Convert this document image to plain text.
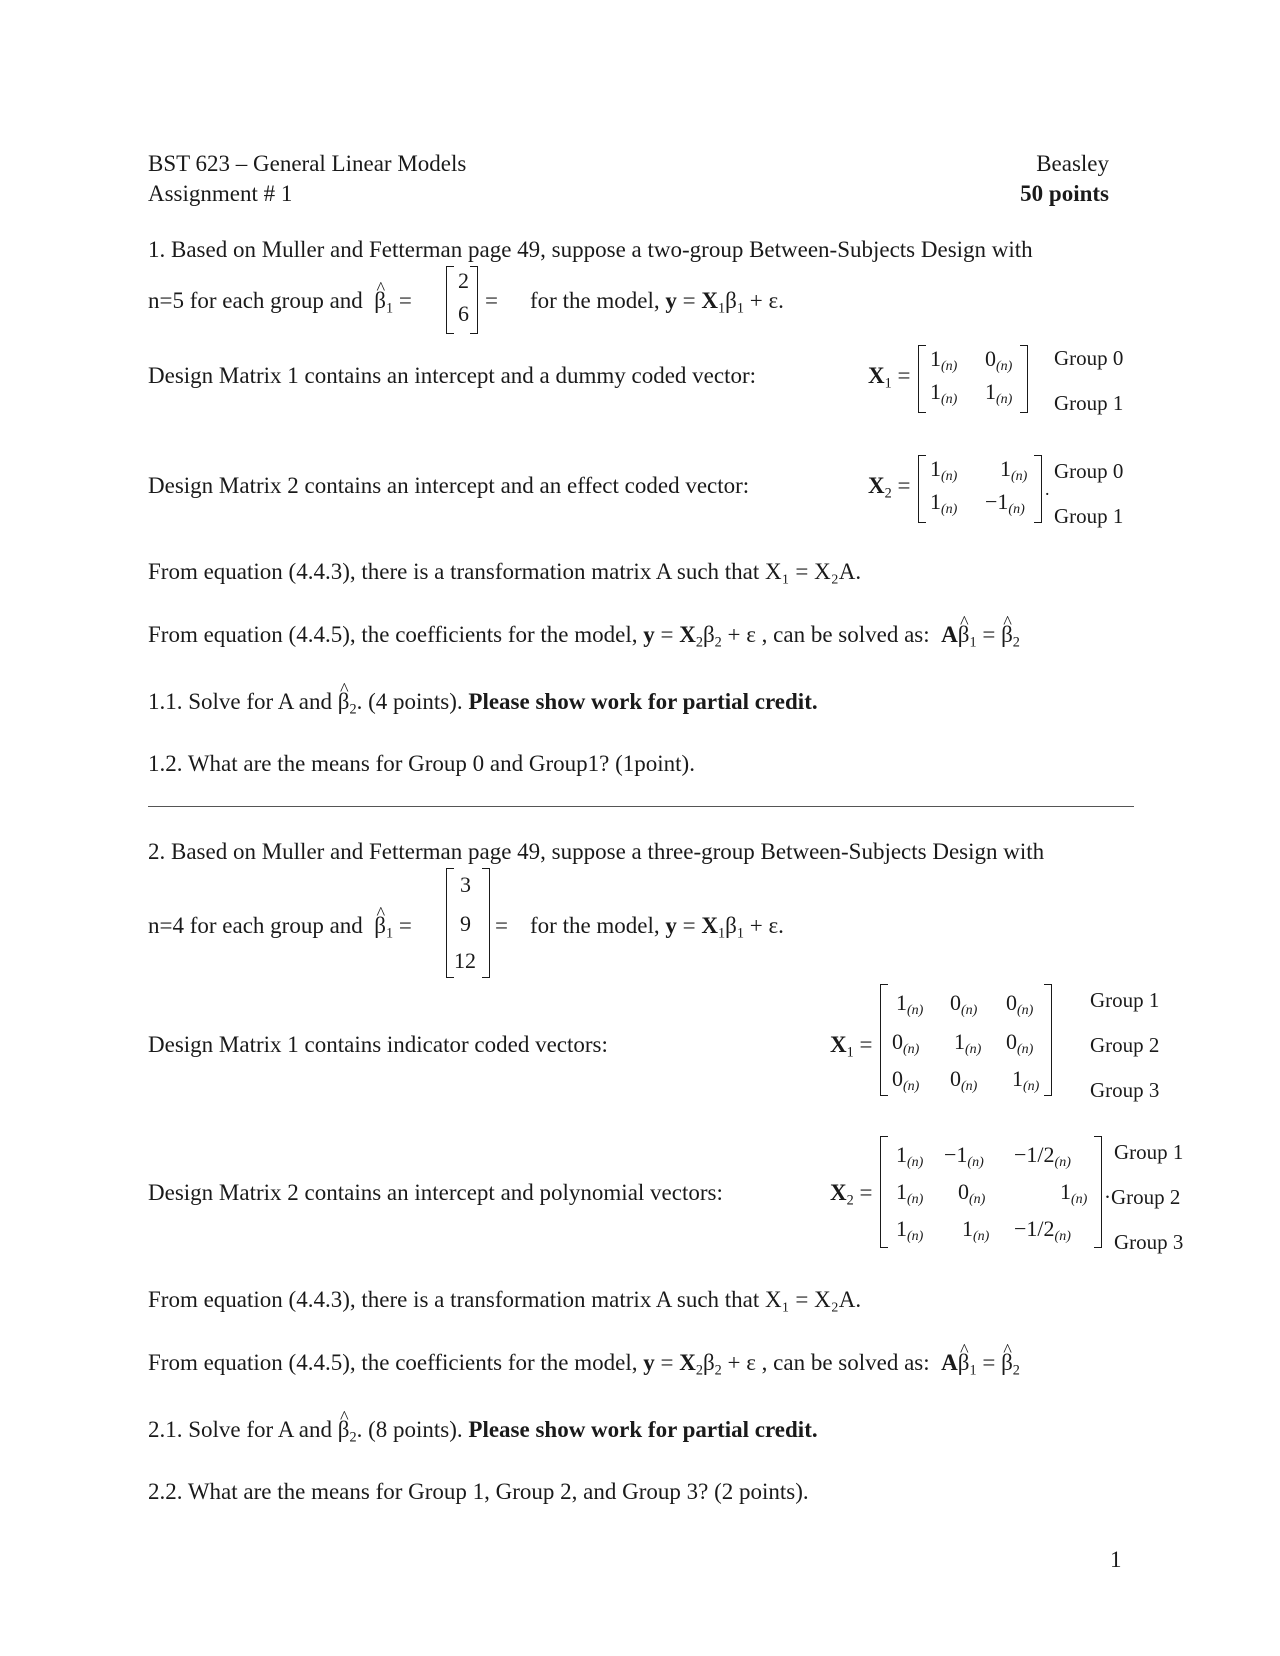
BST 623 – General Linear Models
Assignment # 1
Beasley
50 points
1. Based on Muller and Fetterman page 49, suppose a two-group Between-Subjects Design with
n=5 for each group and ^ $\beta_1$ =
2
6
= for the model, $y = X_1\beta_1 + \varepsilon$.
Design Matrix 1 contains an intercept and a dummy coded vector:	$X_1$ =
1(n) 0(n)
1(n) 1(n)
Group 0
Group 1
Design Matrix 2 contains an intercept and an effect coded vector:	$X_2$ =
1(n) 1(n)
1(n) −1(n)
.
Group 0
Group 1
From equation (4.4.3), there is a transformation matrix A such that X₁ = X₂A.
From equation (4.4.5), the coefficients for the model, $y = X_2\beta_2 + \varepsilon$ , can be solved as:  A^ $\beta_1$ = ^ $\beta_2$
1.1. Solve for A and ^ $\beta_2$. (4 points). Please show work for partial credit.
1.2. What are the means for Group 0 and Group1? (1point).
2. Based on Muller and Fetterman page 49, suppose a three-group Between-Subjects Design with
n=4 for each group and ^ $\beta_1$ =
3
9
12
= for the model, $y = X_1\beta_1 + \varepsilon$.
Design Matrix 1 contains indicator coded vectors:	$X_1$ =
1(n) 0(n) 0(n)
0(n) 1(n) 0(n)
0(n) 0(n) 1(n)
Group 1
Group 2
Group 3
Design Matrix 2 contains an intercept and polynomial vectors:	$X_2$ =
1(n) −1(n) −1/2(n)
1(n) 0(n)	1(n)
1(n) 1(n) −1/2(n)
Group 1
·Group 2
Group 3
From equation (4.4.3), there is a transformation matrix A such that X₁ = X₂A.
From equation (4.4.5), the coefficients for the model, $y = X_2\beta_2 + \varepsilon$ , can be solved as:  A^ $\beta_1$ = ^ $\beta_2$
2.1. Solve for A and ^ $\beta_2$. (8 points). Please show work for partial credit.
2.2. What are the means for Group 1, Group 2, and Group 3? (2 points).
1
